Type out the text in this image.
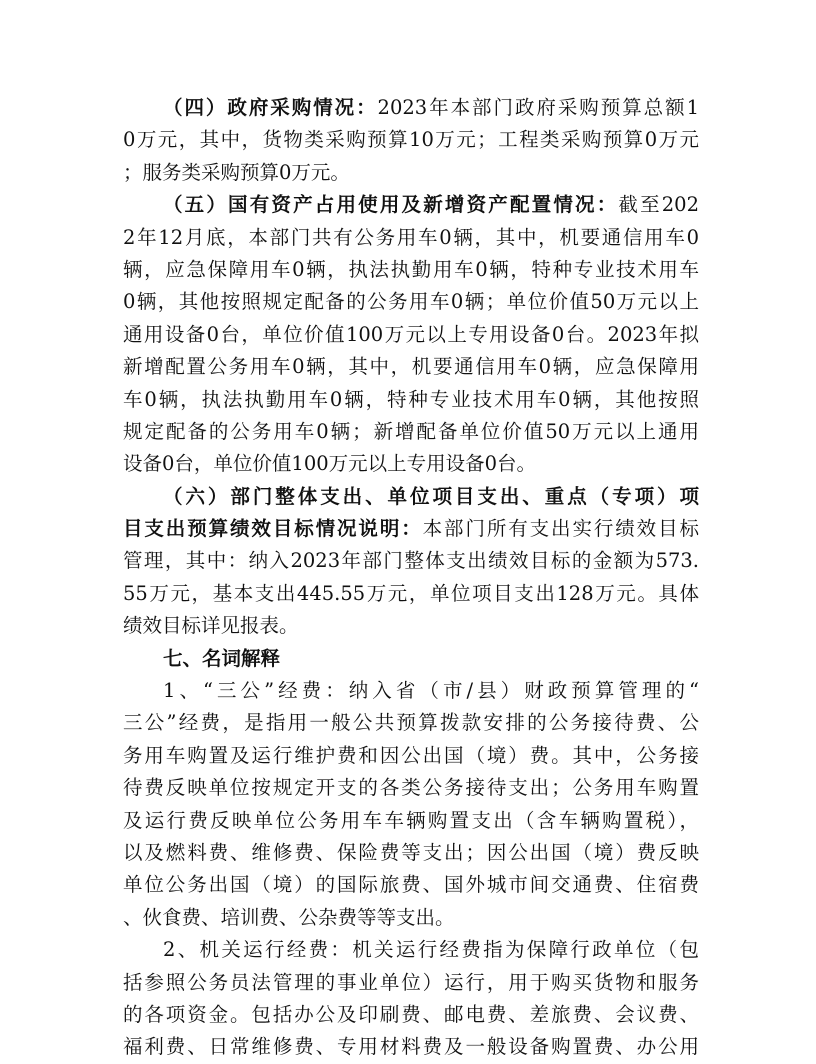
（四）政府采购情况：2023年本部门政府采购预算总额1
0万元，其中，货物类采购预算10万元；工程类采购预算0万元
；服务类采购预算0万元。
（五）国有资产占用使用及新增资产配置情况：截至202
2年12月底，本部门共有公务用车0辆，其中，机要通信用车0
辆，应急保障用车0辆，执法执勤用车0辆，特种专业技术用车
0辆，其他按照规定配备的公务用车0辆；单位价值50万元以上
通用设备0台，单位价值100万元以上专用设备0台。2023年拟
新增配置公务用车0辆，其中，机要通信用车0辆，应急保障用
车0辆，执法执勤用车0辆，特种专业技术用车0辆，其他按照
规定配备的公务用车0辆；新增配备单位价值50万元以上通用
设备0台，单位价值100万元以上专用设备0台。
（六）部门整体支出、单位项目支出、重点（专项）项
目支出预算绩效目标情况说明：本部门所有支出实行绩效目标
管理，其中：纳入2023年部门整体支出绩效目标的金额为573.
55万元，基本支出445.55万元，单位项目支出128万元。具体
绩效目标详见报表。
七、名词解释
1、“三公”经费：纳入省（市/县）财政预算管理的“
三公”经费，是指用一般公共预算拨款安排的公务接待费、公
务用车购置及运行维护费和因公出国（境）费。其中，公务接
待费反映单位按规定开支的各类公务接待支出；公务用车购置
及运行费反映单位公务用车车辆购置支出（含车辆购置税），
以及燃料费、维修费、保险费等支出；因公出国（境）费反映
单位公务出国（境）的国际旅费、国外城市间交通费、住宿费
、伙食费、培训费、公杂费等等支出。
2、机关运行经费：机关运行经费指为保障行政单位（包
括参照公务员法管理的事业单位）运行，用于购买货物和服务
的各项资金。包括办公及印刷费、邮电费、差旅费、会议费、
福利费、日常维修费、专用材料费及一般设备购置费、办公用
